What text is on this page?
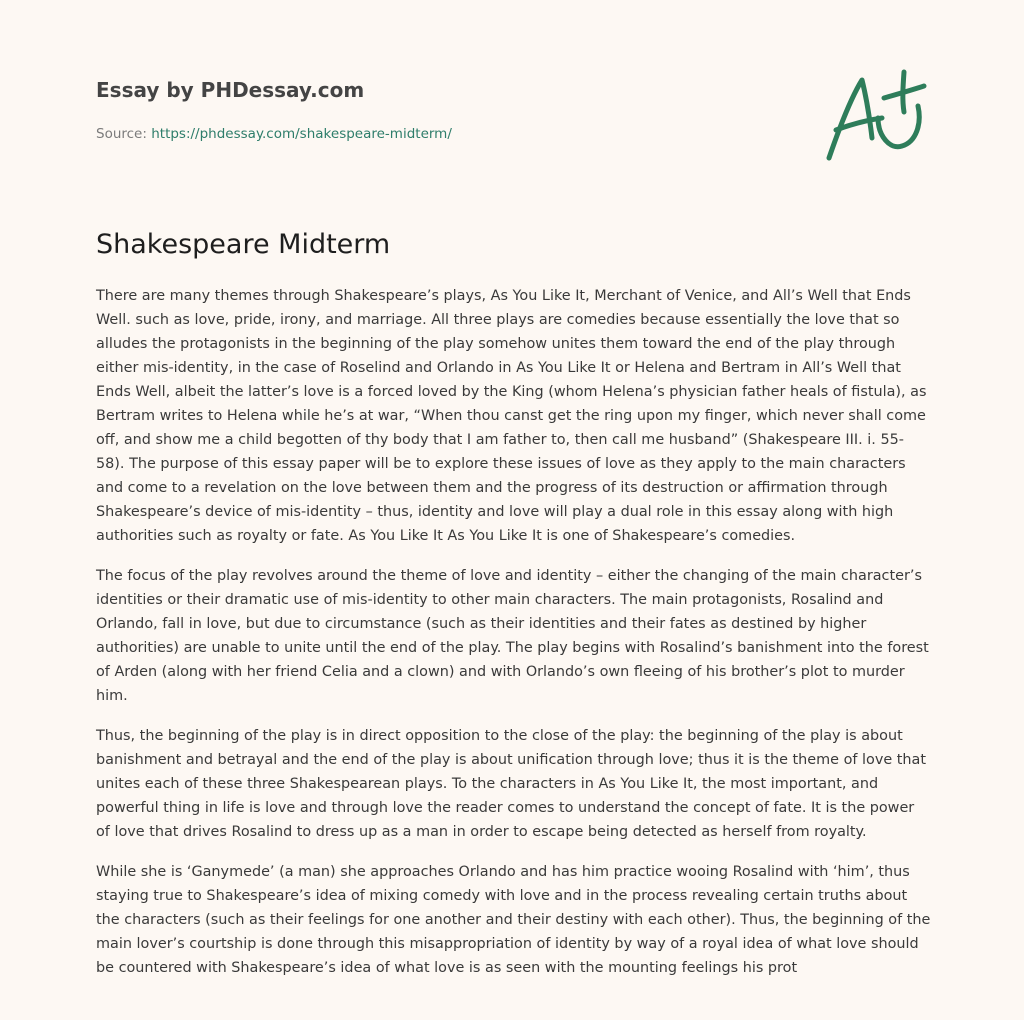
Essay by PHDessay.com
Source: https://phdessay.com/shakespeare-midterm/
Shakespeare Midterm

There are many themes through Shakespeare’s plays, As You Like It, Merchant of Venice, and All’s Well that Ends Well. such as love, pride, irony, and marriage. All three plays are comedies because essentially the love that so alludes the protagonists in the beginning of the play somehow unites them toward the end of the play through either mis-identity, in the case of Roselind and Orlando in As You Like It or Helena and Bertram in All’s Well that Ends Well, albeit the latter’s love is a forced loved by the King (whom Helena’s physician father heals of fistula), as Bertram writes to Helena while he’s at war, “When thou canst get the ring upon my finger, which never shall come off, and show me a child begotten of thy body that I am father to, then call me husband” (Shakespeare III. i. 55-58). The purpose of this essay paper will be to explore these issues of love as they apply to the main characters and come to a revelation on the love between them and the progress of its destruction or affirmation through Shakespeare’s device of mis-identity – thus, identity and love will play a dual role in this essay along with high authorities such as royalty or fate. As You Like It As You Like It is one of Shakespeare’s comedies.

The focus of the play revolves around the theme of love and identity – either the changing of the main character’s identities or their dramatic use of mis-identity to other main characters. The main protagonists, Rosalind and Orlando, fall in love, but due to circumstance (such as their identities and their fates as destined by higher authorities) are unable to unite until the end of the play. The play begins with Rosalind’s banishment into the forest of Arden (along with her friend Celia and a clown) and with Orlando’s own fleeing of his brother’s plot to murder him.

Thus, the beginning of the play is in direct opposition to the close of the play: the beginning of the play is about banishment and betrayal and the end of the play is about unification through love; thus it is the theme of love that unites each of these three Shakespearean plays. To the characters in As You Like It, the most important, and powerful thing in life is love and through love the reader comes to understand the concept of fate. It is the power of love that drives Rosalind to dress up as a man in order to escape being detected as herself from royalty.

While she is ‘Ganymede’ (a man) she approaches Orlando and has him practice wooing Rosalind with ‘him’, thus staying true to Shakespeare’s idea of mixing comedy with love and in the process revealing certain truths about the characters (such as their feelings for one another and their destiny with each other). Thus, the beginning of the main lover’s courtship is done through this misappropriation of identity by way of a royal idea of what love should be countered with Shakespeare’s idea of what love is as seen with the mounting feelings his prot
